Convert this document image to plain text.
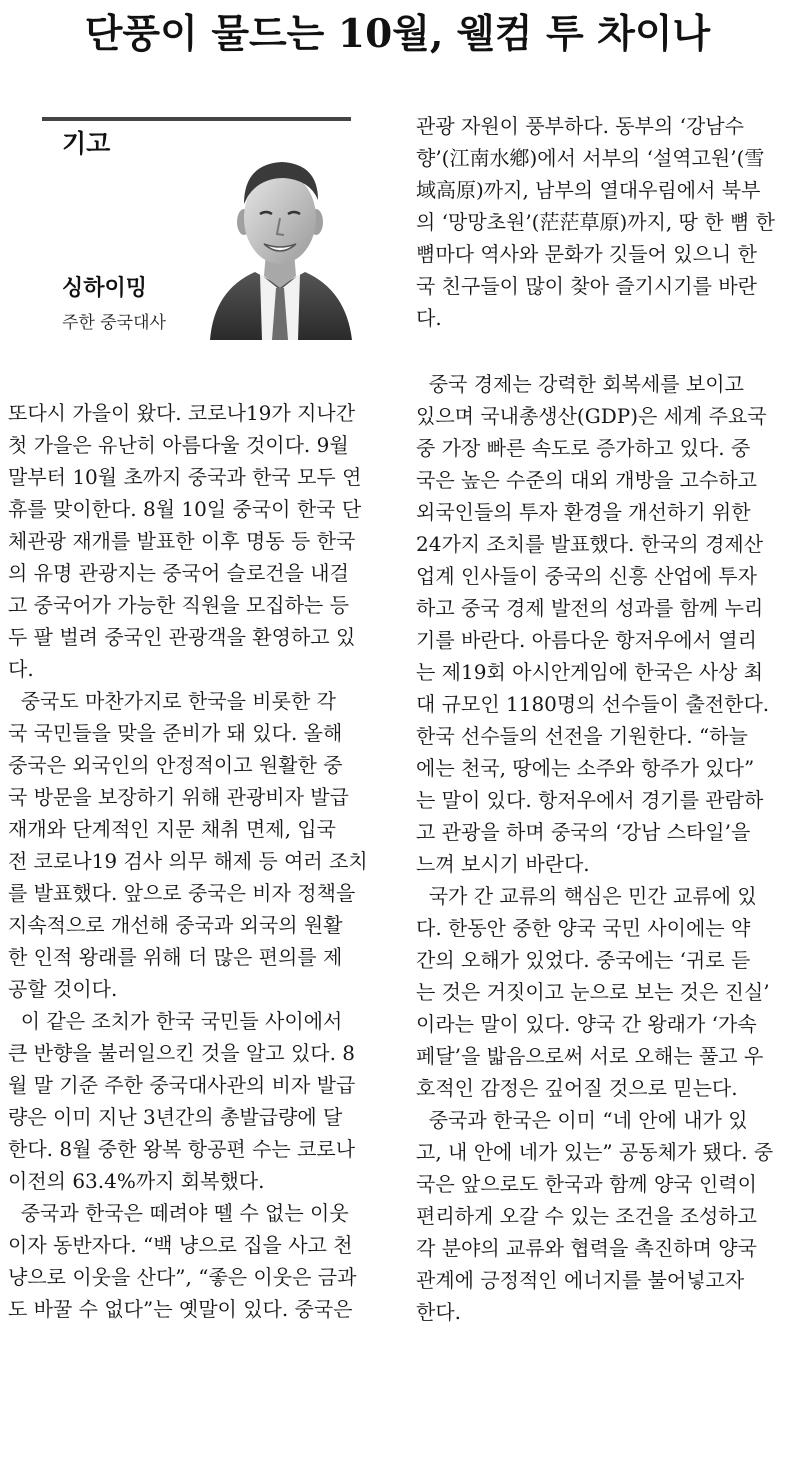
단풍이 물드는 10월, 웰컴 투 차이나
기고
싱하이밍
주한 중국대사
또다시 가을이 왔다. 코로나19가 지나간
첫 가을은 유난히 아름다울 것이다. 9월
말부터 10월 초까지 중국과 한국 모두 연
휴를 맞이한다. 8월 10일 중국이 한국 단
체관광 재개를 발표한 이후 명동 등 한국
의 유명 관광지는 중국어 슬로건을 내걸
고 중국어가 가능한 직원을 모집하는 등
두 팔 벌려 중국인 관광객을 환영하고 있
다.
중국도 마찬가지로 한국을 비롯한 각
국 국민들을 맞을 준비가 돼 있다. 올해
중국은 외국인의 안정적이고 원활한 중
국 방문을 보장하기 위해 관광비자 발급
재개와 단계적인 지문 채취 면제, 입국
전 코로나19 검사 의무 해제 등 여러 조치
를 발표했다. 앞으로 중국은 비자 정책을
지속적으로 개선해 중국과 외국의 원활
한 인적 왕래를 위해 더 많은 편의를 제
공할 것이다.
이 같은 조치가 한국 국민들 사이에서
큰 반향을 불러일으킨 것을 알고 있다. 8
월 말 기준 주한 중국대사관의 비자 발급
량은 이미 지난 3년간의 총발급량에 달
한다. 8월 중한 왕복 항공편 수는 코로나
이전의 63.4%까지 회복했다.
중국과 한국은 떼려야 뗄 수 없는 이웃
이자 동반자다. “백 냥으로 집을 사고 천
냥으로 이웃을 산다”, “좋은 이웃은 금과
도 바꿀 수 없다”는 옛말이 있다. 중국은
관광 자원이 풍부하다. 동부의 ‘강남수
향’(江南水鄕)에서 서부의 ‘설역고원’(雪
域高原)까지, 남부의 열대우림에서 북부
의 ‘망망초원’(茫茫草原)까지, 땅 한 뼘 한
뼘마다 역사와 문화가 깃들어 있으니 한
국 친구들이 많이 찾아 즐기시기를 바란
다.
중국 경제는 강력한 회복세를 보이고
있으며 국내총생산(GDP)은 세계 주요국
중 가장 빠른 속도로 증가하고 있다. 중
국은 높은 수준의 대외 개방을 고수하고
외국인들의 투자 환경을 개선하기 위한
24가지 조치를 발표했다. 한국의 경제산
업계 인사들이 중국의 신흥 산업에 투자
하고 중국 경제 발전의 성과를 함께 누리
기를 바란다. 아름다운 항저우에서 열리
는 제19회 아시안게임에 한국은 사상 최
대 규모인 1180명의 선수들이 출전한다.
한국 선수들의 선전을 기원한다. “하늘
에는 천국, 땅에는 소주와 항주가 있다”
는 말이 있다. 항저우에서 경기를 관람하
고 관광을 하며 중국의 ‘강남 스타일’을
느껴 보시기 바란다.
국가 간 교류의 핵심은 민간 교류에 있
다. 한동안 중한 양국 국민 사이에는 약
간의 오해가 있었다. 중국에는 ‘귀로 듣
는 것은 거짓이고 눈으로 보는 것은 진실’
이라는 말이 있다. 양국 간 왕래가 ‘가속
페달’을 밟음으로써 서로 오해는 풀고 우
호적인 감정은 깊어질 것으로 믿는다.
중국과 한국은 이미 “네 안에 내가 있
고, 내 안에 네가 있는” 공동체가 됐다. 중
국은 앞으로도 한국과 함께 양국 인력이
편리하게 오갈 수 있는 조건을 조성하고
각 분야의 교류와 협력을 촉진하며 양국
관계에 긍정적인 에너지를 불어넣고자
한다.
